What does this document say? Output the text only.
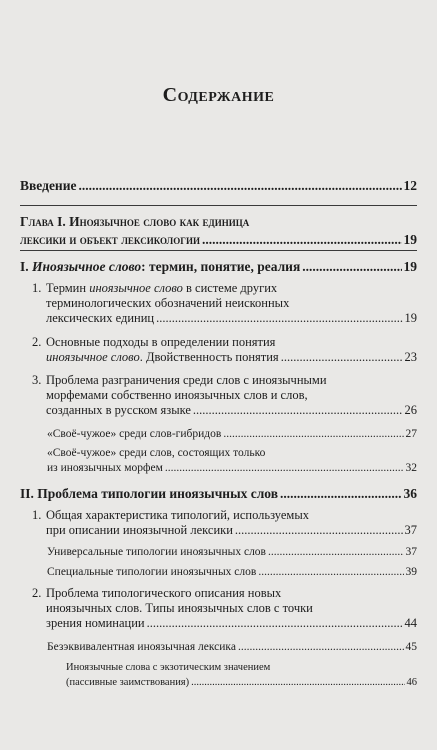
Содержание
Введение .....	12
Глава I. Иноязычное слово как единица
лексики и объект лексикологии .....	19
I. Иноязычное слово: термин, понятие, реалия .....	19
1. Термин иноязычное слово в системе других
терминологических обозначений неисконных
лексических единиц .....	19
2. Основные подходы в определении понятия
иноязычное слово. Двойственность понятия .....	23
3. Проблема разграничения среди слов с иноязычными
морфемами собственно иноязычных слов и слов,
созданных в русском языке .....	26
«Своё-чужое» среди слов-гибридов .....	27
«Своё-чужое» среди слов, состоящих только
из иноязычных морфем .....	32
II. Проблема типологии иноязычных слов .....	36
1. Общая характеристика типологий, используемых
при описании иноязычной лексики .....	37
Универсальные типологии иноязычных слов .....	37
Специальные типологии иноязычных слов .....	39
2. Проблема типологического описания новых
иноязычных слов. Типы иноязычных слов с точки
зрения номинации .....	44
Безэквивалентная иноязычная лексика .....	45
Иноязычные слова с экзотическим значением
(пассивные заимствования) .....	46
